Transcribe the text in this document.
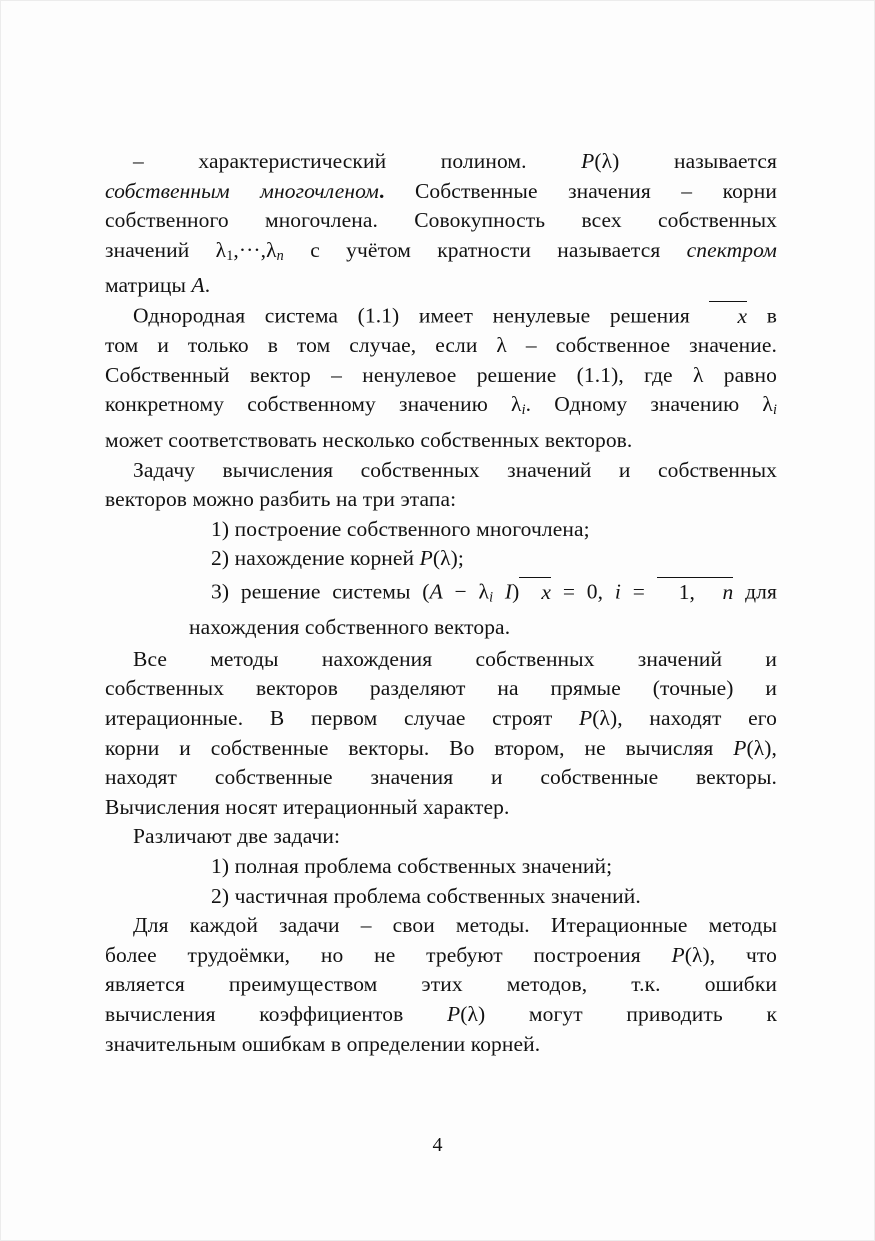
– характеристический полином. P(λ) называется
собственным многочленом. Собственные значения – корни
собственного многочлена. Совокупность всех собственных
значений $\lambda_1,\cdot\cdot\cdot,\lambda_n$ с учётом кратности называется спектром
матрицы A.
Однородная система (1.1) имеет ненулевые решения x в
том и только в том случае, если λ – собственное значение.
Собственный вектор – ненулевое решение (1.1), где λ равно
конкретному собственному значению $\lambda_i$. Одному значению $\lambda_i$
может соответствовать несколько собственных векторов.
Задачу вычисления собственных значений и собственных
векторов можно разбить на три этапа:
1) построение собственного многочлена;
2) нахождение корней P(λ);
3) решение системы ($A - \lambda_i$ I) x = 0, i = 1, n для
нахождения собственного вектора.
Все методы нахождения собственных значений и
собственных векторов разделяют на прямые (точные) и
итерационные. В первом случае строят P(λ), находят его
корни и собственные векторы. Во втором, не вычисляя P(λ),
находят собственные значения и собственные векторы.
Вычисления носят итерационный характер.
Различают две задачи:
1) полная проблема собственных значений;
2) частичная проблема собственных значений.
Для каждой задачи – свои методы. Итерационные методы
более трудоёмки, но не требуют построения P(λ), что
является преимуществом этих методов, т.к. ошибки
вычисления коэффициентов P(λ) могут приводить к
значительным ошибкам в определении корней.
4
